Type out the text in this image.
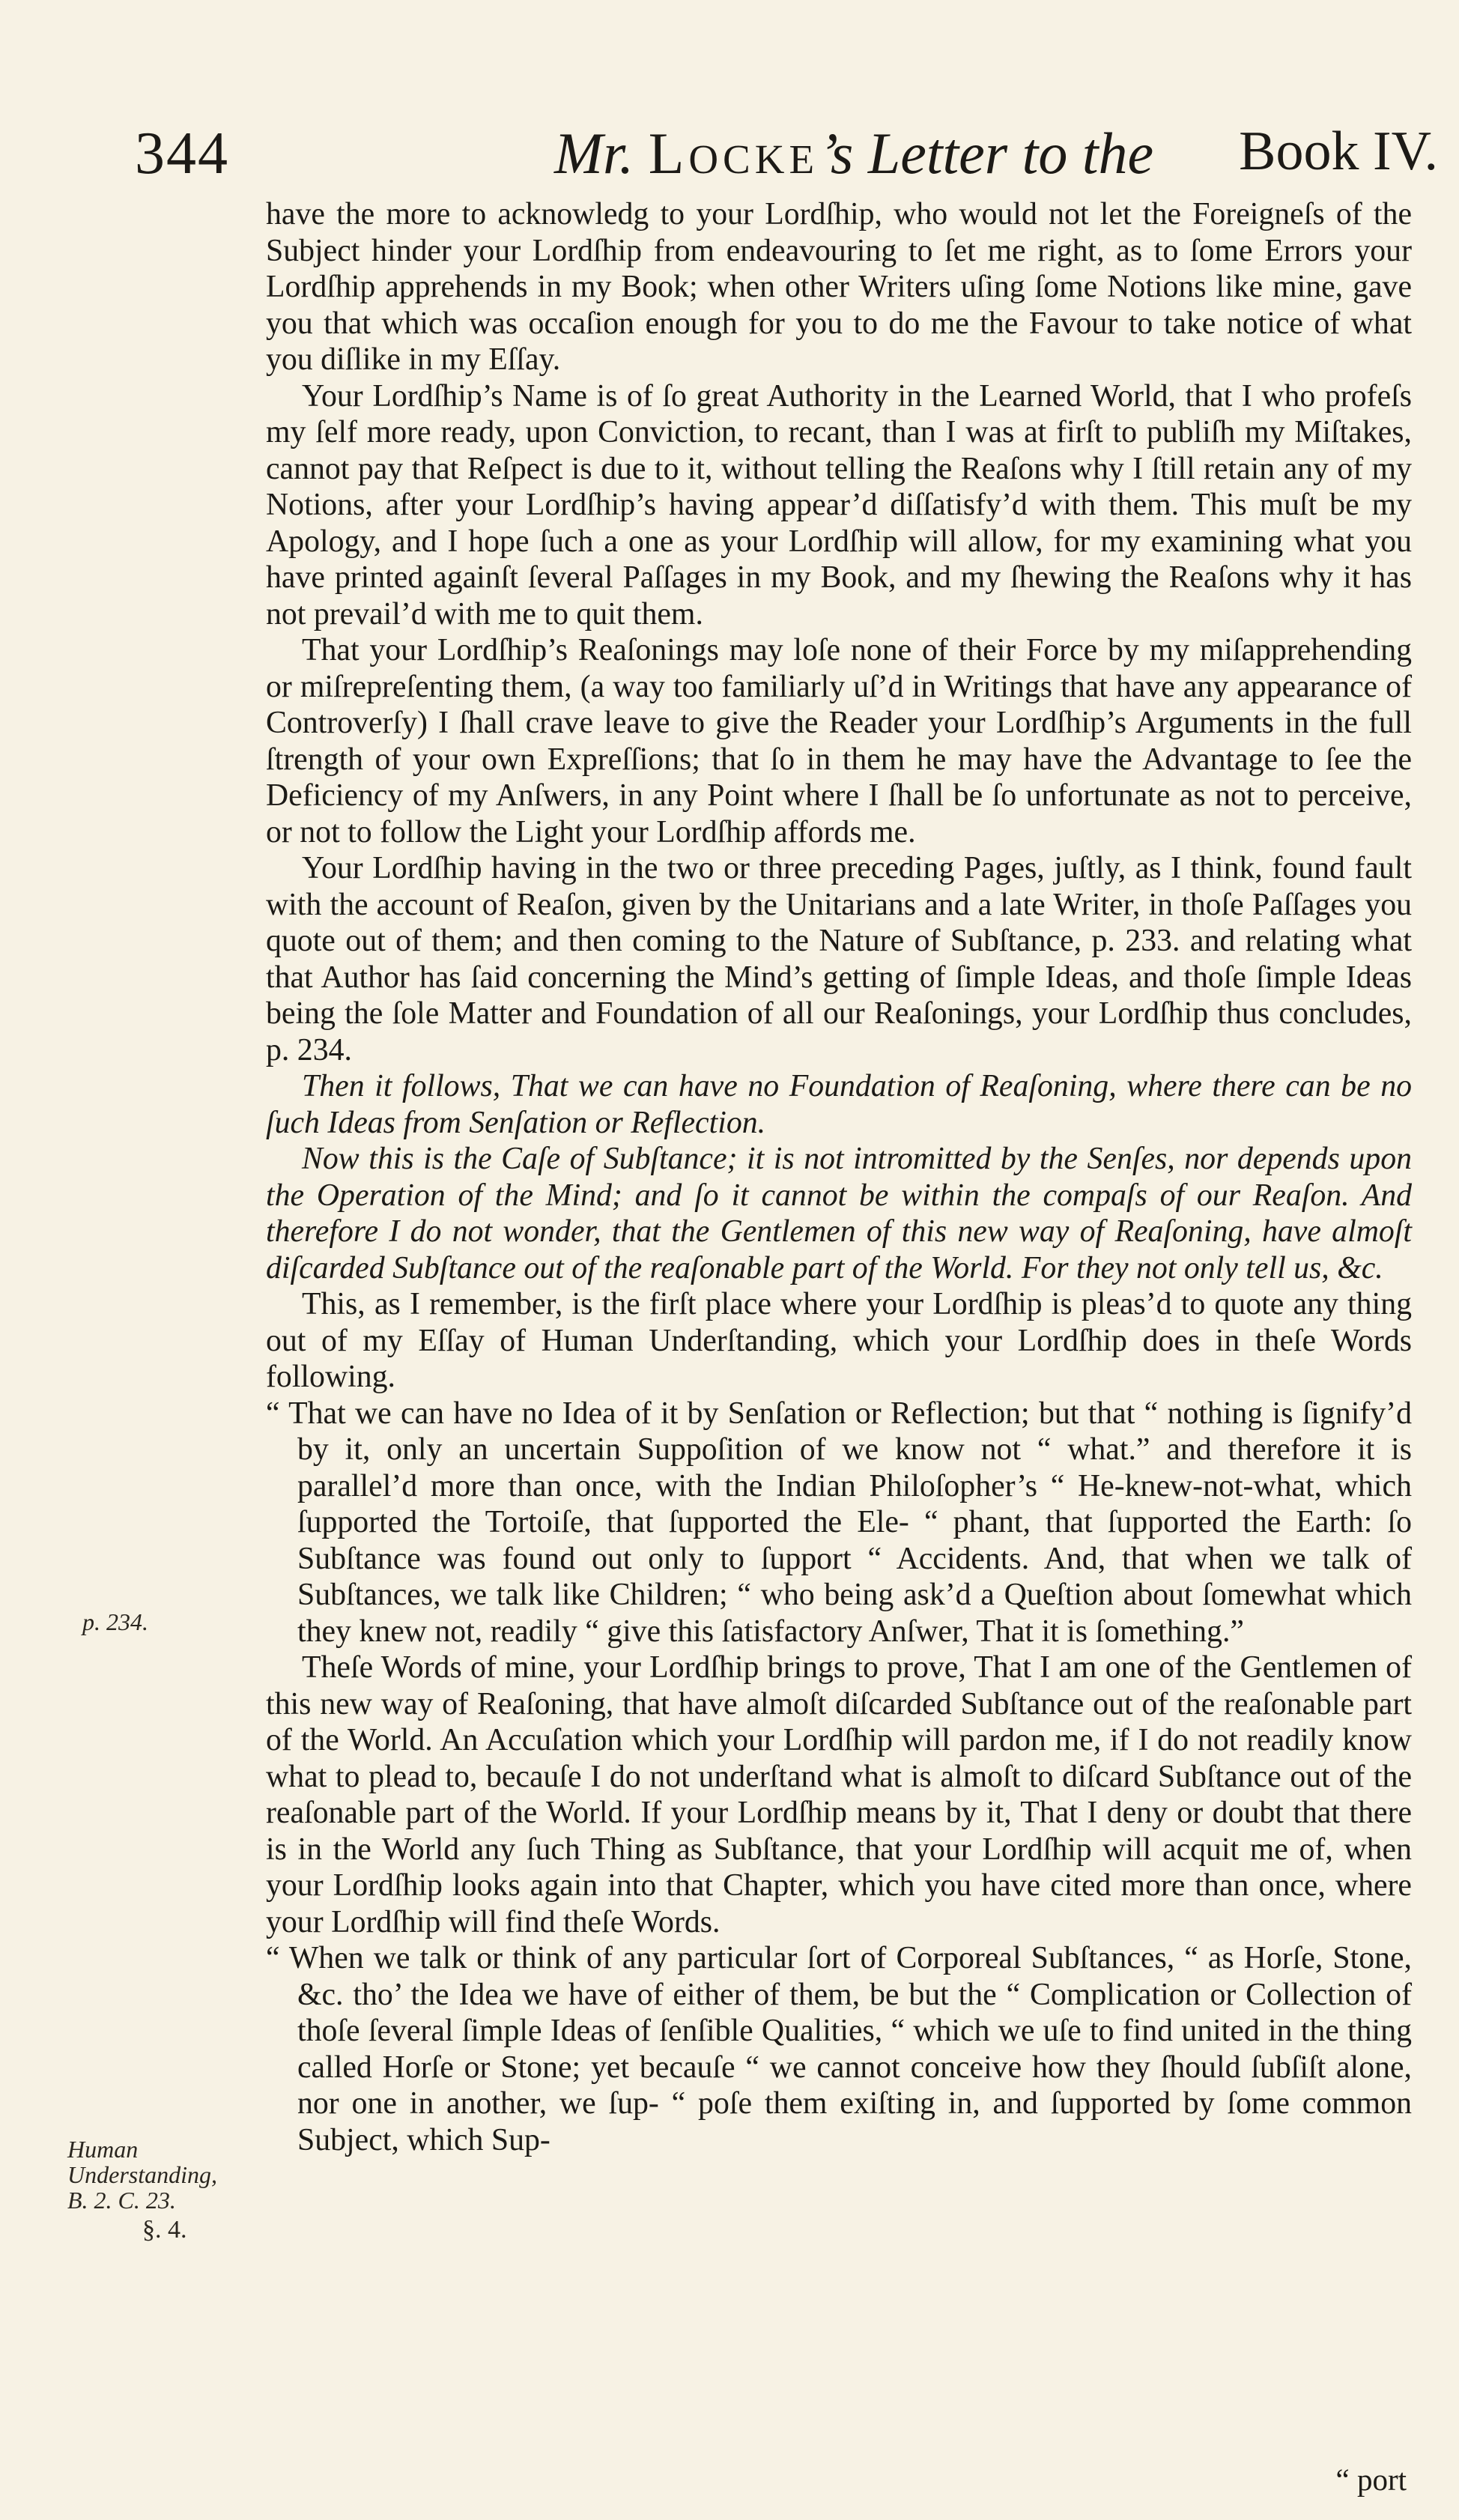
344	Mr. Locke’s Letter to the Book IV.

have the more to acknowledg to your Lordſhip, who would not let the Foreigneſs of the Subject hinder your Lordſhip from endeavouring to ſet me right, as to ſome Errors your Lordſhip apprehends in my Book; when other Writers uſing ſome Notions like mine, gave you that which was occaſion enough for you to do me the Favour to take notice of what you diſlike in my Eſſay.

Your Lordſhip’s Name is of ſo great Authority in the Learned World, that I who profeſs my ſelf more ready, upon Conviction, to recant, than I was at firſt to publiſh my Miſtakes, cannot pay that Reſpect is due to it, without telling the Reaſons why I ſtill retain any of my Notions, after your Lordſhip’s having appear’d diſſatisfy’d with them. This muſt be my Apology, and I hope ſuch a one as your Lordſhip will allow, for my examining what you have printed againſt ſeveral Paſſages in my Book, and my ſhewing the Reaſons why it has not prevail’d with me to quit them.

That your Lordſhip’s Reaſonings may loſe none of their Force by my miſapprehending or miſrepreſenting them, (a way too familiarly uſ’d in Writings that have any appearance of Controverſy) I ſhall crave leave to give the Reader your Lordſhip’s Arguments in the full ſtrength of your own Expreſſions; that ſo in them he may have the Advantage to ſee the Deficiency of my Anſwers, in any Point where I ſhall be ſo unfortunate as not to perceive, or not to follow the Light your Lordſhip affords me.

Your Lordſhip having in the two or three preceding Pages, juſtly, as I think, found fault with the account of Reaſon, given by the Unitarians and a late Writer, in thoſe Paſſages you quote out of them; and then coming to the Nature of Subſtance, p. 233. and relating what that Author has ſaid concerning the Mind’s getting of ſimple Ideas, and thoſe ſimple Ideas being the ſole Matter and Foundation of all our Reaſonings, your Lordſhip thus concludes, p. 234.

Then it follows, That we can have no Foundation of Reaſoning, where there can be no ſuch Ideas from Senſation or Reflection.

Now this is the Caſe of Subſtance; it is not intromitted by the Senſes, nor depends upon the Operation of the Mind; and ſo it cannot be within the compaſs of our Reaſon. And therefore I do not wonder, that the Gentlemen of this new way of Reaſoning, have almoſt diſcarded Subſtance out of the reaſonable part of the World. For they not only tell us, &c.

This, as I remember, is the firſt place where your Lordſhip is pleas’d to quote any thing out of my Eſſay of Human Underſtanding, which your Lordſhip does in theſe Words following.

“ That we can have no Idea of it by Senſation or Reflection; but that “ nothing is ſignify’d by it, only an uncertain Suppoſition of we know not “ what.” and therefore it is parallel’d more than once, with the Indian Philoſopher’s “ He-knew-not-what, which ſupported the Tortoiſe, that ſupported the Ele- “ phant, that ſupported the Earth: ſo Subſtance was found out only to ſupport “ Accidents. And, that when we talk of Subſtances, we talk like Children; “ who being ask’d a Queſtion about ſomewhat which they knew not, readily “ give this ſatisfactory Anſwer, That it is ſomething.”

Theſe Words of mine, your Lordſhip brings to prove, That I am one of the Gentlemen of this new way of Reaſoning, that have almoſt diſcarded Subſtance out of the reaſonable part of the World. An Accuſation which your Lordſhip will pardon me, if I do not readily know what to plead to, becauſe I do not underſtand what is almoſt to diſcard Subſtance out of the reaſonable part of the World. If your Lordſhip means by it, That I deny or doubt that there is in the World any ſuch Thing as Subſtance, that your Lordſhip will acquit me of, when your Lordſhip looks again into that Chapter, which you have cited more than once, where your Lordſhip will find theſe Words.

“ When we talk or think of any particular ſort of Corporeal Subſtances, “ as Horſe, Stone, &c. tho’ the Idea we have of either of them, be but the “ Complication or Collection of thoſe ſeveral ſimple Ideas of ſenſible Qualities, “ which we uſe to find united in the thing called Horſe or Stone; yet becauſe “ we cannot conceive how they ſhould ſubſiſt alone, nor one in another, we ſup- “ poſe them exiſting in, and ſupported by ſome common Subject, which Sup-

p. 234.
Human Understanding, B. 2. C. 23.
§. 4.
“ port
